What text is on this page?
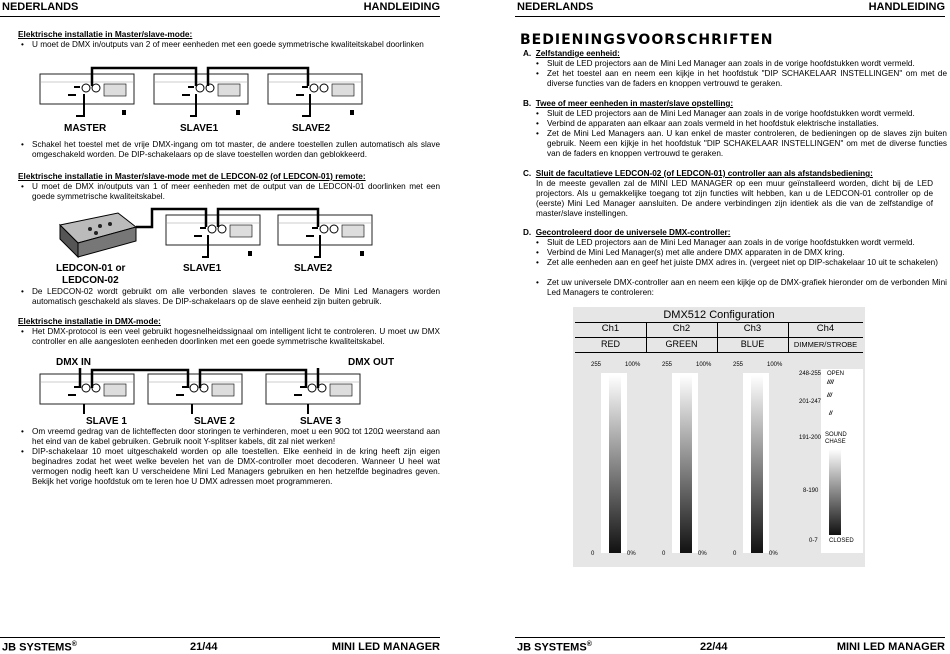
NEDERLANDS	HANDLEIDING
Elektrische installatie in Master/slave-mode:
• U moet de DMX in/outputs van 2 of meer eenheden met een goede symmetrische kwaliteitskabel doorlinken
MASTER	SLAVE1	SLAVE2
• Schakel het toestel met de vrije DMX-ingang om tot master, de andere toestellen zullen automatisch als slave omgeschakeld worden. De DIP-schakelaars op de slave toestellen worden dan geblokkeerd.
Elektrische installatie in Master/slave-mode met de LEDCON-02 (of LEDCON-01) remote:
• U moet de DMX in/outputs van 1 of meer eenheden met de output van de LEDCON-01 doorlinken met een goede symmetrische kwaliteitskabel.
LEDCON-01 or
LEDCON-02
SLAVE1	SLAVE2
• De LEDCON-02 wordt gebruikt om alle verbonden slaves te controleren. De Mini Led Managers worden automatisch geschakeld als slaves. De DIP-schakelaars op de slave eenheid zijn buiten gebruik.
Elektrische installatie in DMX-mode:
• Het DMX-protocol is een veel gebruikt hogesnelheidssignaal om intelligent licht te controleren. U moet uw DMX controller en alle aangesloten eenheden doorlinken met een goede symmetrische kwaliteitskabel.
DMX IN	DMX OUT
SLAVE 1	SLAVE 2	SLAVE 3
• Om vreemd gedrag van de lichteffecten door storingen te verhinderen, moet u een 90Ω tot 120Ω weerstand aan het eind van de kabel gebruiken. Gebruik nooit Y-splitser kabels, dit zal niet werken!
• DIP-schakelaar 10 moet uitgeschakeld worden op alle toestellen. Elke eenheid in de kring heeft zijn eigen beginadres zodat het weet welke bevelen het van de DMX-controller moet decoderen. Wanneer U heel wat vermogen nodig heeft kan U verscheidene Mini Led Managers gebruiken en hen hetzelfde beginadres geven. Bekijk het vorige hoofdstuk om te leren hoe U DMX adressen moet programmeren.
JB SYSTEMS®	21/44	MINI LED MANAGER
NEDERLANDS	HANDLEIDING
BEDIENINGSVOORSCHRIFTEN
A. Zelfstandige eenheid:
• Sluit de LED projectors aan de Mini Led Manager aan zoals in de vorige hoofdstukken wordt vermeld.
• Zet het toestel aan en neem een kijkje in het hoofdstuk "DIP SCHAKELAAR INSTELLINGEN" om met de diverse functies van de faders en knoppen vertrouwd te geraken.
B. Twee of meer eenheden in master/slave opstelling:
• Sluit de LED projectors aan de Mini Led Manager aan zoals in de vorige hoofdstukken wordt vermeld.
• Verbind de apparaten aan elkaar aan zoals vermeld in het hoofdstuk elektrische installaties.
• Zet de Mini Led Managers aan. U kan enkel de master controleren, de bedieningen op de slaves zijn buiten gebruik. Neem een kijkje in het hoofdstuk "DIP SCHAKELAAR INSTELLINGEN" om met de diverse functies van de faders en knoppen vertrouwd te geraken.
C. Sluit de facultatieve LEDCON-02 (of LEDCON-01) controller aan als afstandsbediening:
In de meeste gevallen zal de MINI LED MANAGER op een muur geïnstalleerd worden, dicht bij de LED projectors. Als u gemakkelijke toegang tot zijn functies wilt hebben, kan u de LEDCON-01 controller op de (eerste) Mini Led Manager aansluiten. De andere verbindingen zijn identiek als die van de zelfstandige of master/slave instellingen.
D. Gecontroleerd door de universele DMX-controller:
• Sluit de LED projectors aan de Mini Led Manager aan zoals in de vorige hoofdstukken wordt vermeld.
• Verbind de Mini Led Manager(s) met alle andere DMX apparaten in de DMX kring.
• Zet alle eenheden aan en geef het juiste DMX adres in. (vergeet niet op DIP-schakelaar 10 uit te schakelen)
• Zet uw universele DMX-controller aan en neem een kijkje op de DMX-grafiek hieronder om de verbonden Mini Led Managers te controleren:
DMX512 Configuration
Ch1	Ch2	Ch3	Ch4
RED	GREEN	BLUE	DIMMER/STROBE
255	100%
0	0%
255	100%
0	0%
255	100%
0	0%
248-255 OPEN
////
///
201-247
//
191-200 SOUND
CHASE
8-190
0-7 CLOSED
JB SYSTEMS®	22/44	MINI LED MANAGER
